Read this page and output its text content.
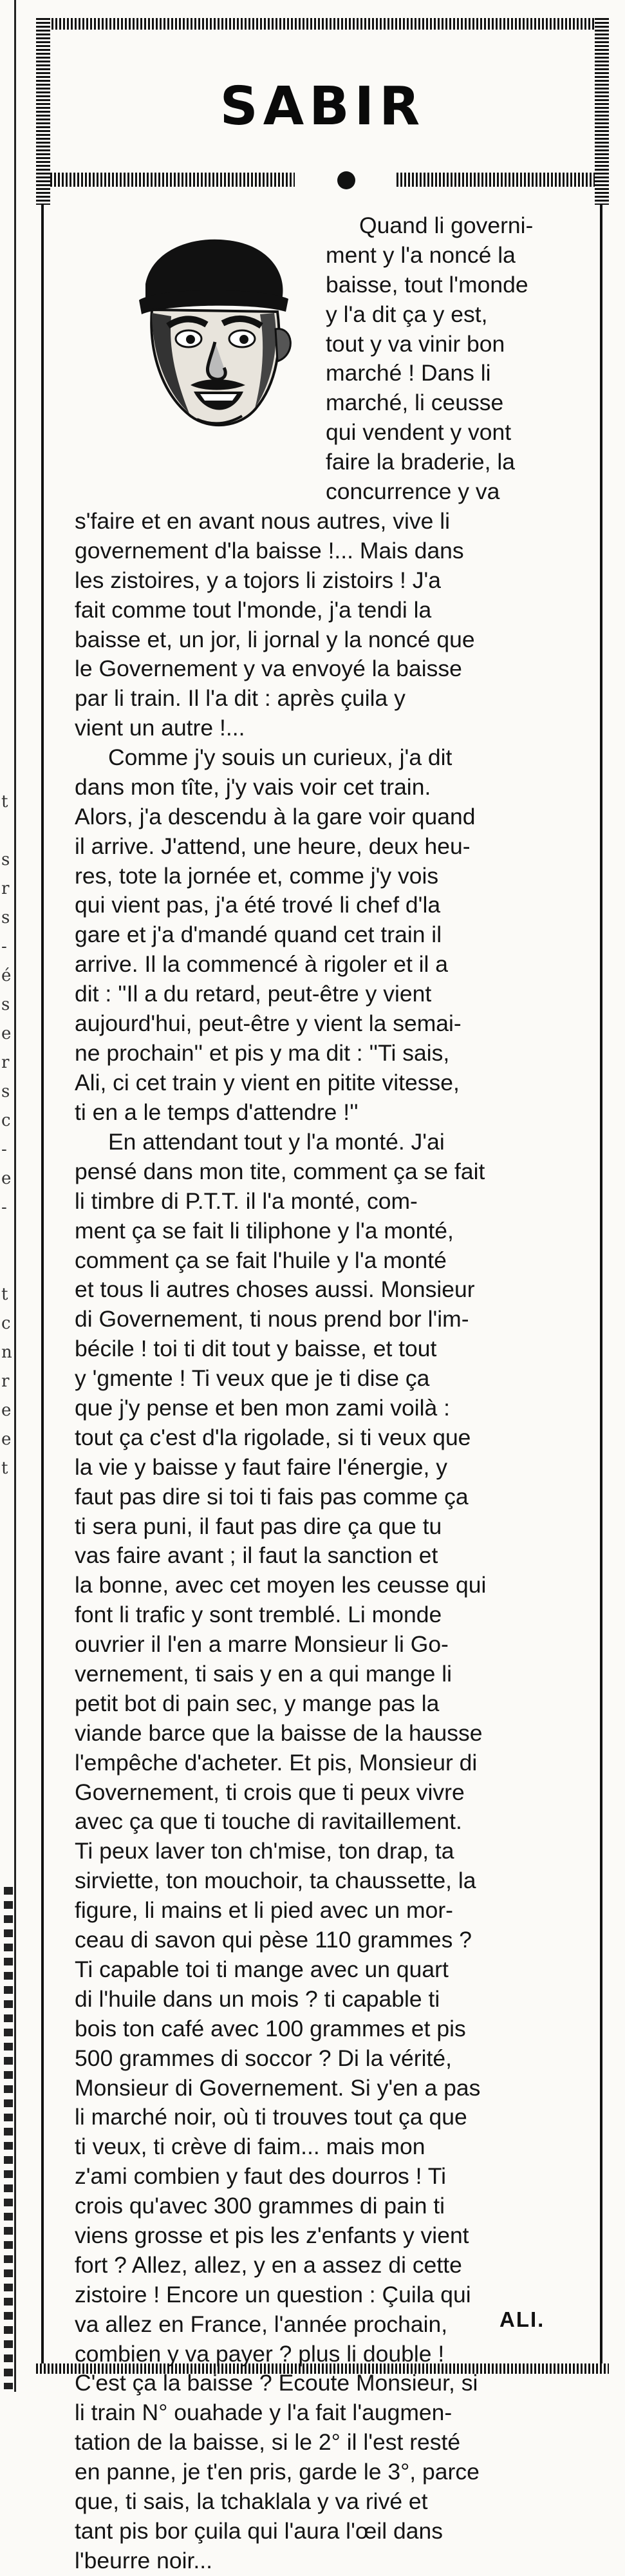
t
s
r
s
-
é
s
e
r
s
c
-
e
-
t
c
n
r
e
e
t
SABIR
Quand li governi-
ment y l'a noncé la
baisse, tout l'monde
y l'a dit ça y est,
tout y va vinir bon
marché ! Dans li
marché, li ceusse
qui vendent y vont
faire la braderie, la
concurrence y va
s'faire et en avant nous autres, vive li
governement d'la baisse !... Mais dans
les zistoires, y a tojors li zistoirs ! J'a
fait comme tout l'monde, j'a tendi la
baisse et, un jor, li jornal y la noncé que
le Governement y va envoyé la baisse
par li train. Il l'a dit : après çuila y
vient un autre !...
Comme j'y souis un curieux, j'a dit
dans mon tîte, j'y vais voir cet train.
Alors, j'a descendu à la gare voir quand
il arrive. J'attend, une heure, deux heu-
res, tote la jornée et, comme j'y vois
qui vient pas, j'a été trové li chef d'la
gare et j'a d'mandé quand cet train il
arrive. Il la commencé à rigoler et il a
dit : ''Il a du retard, peut-être y vient
aujourd'hui, peut-être y vient la semai-
ne prochain'' et pis y ma dit : ''Ti sais,
Ali, ci cet train y vient en pitite vitesse,
ti en a le temps d'attendre !''
En attendant tout y l'a monté. J'ai
pensé dans mon tite, comment ça se fait
li timbre di P.T.T. il l'a monté, com-
ment ça se fait li tiliphone y l'a monté,
comment ça se fait l'huile y l'a monté
et tous li autres choses aussi. Monsieur
di Governement, ti nous prend bor l'im-
bécile ! toi ti dit tout y baisse, et tout
y 'gmente ! Ti veux que je ti dise ça
que j'y pense et ben mon zami voilà :
tout ça c'est d'la rigolade, si ti veux que
la vie y baisse y faut faire l'énergie, y
faut pas dire si toi ti fais pas comme ça
ti sera puni, il faut pas dire ça que tu
vas faire avant ; il faut la sanction et
la bonne, avec cet moyen les ceusse qui
font li trafic y sont tremblé. Li monde
ouvrier il l'en a marre Monsieur li Go-
vernement, ti sais y en a qui mange li
petit bot di pain sec, y mange pas la
viande barce que la baisse de la hausse
l'empêche d'acheter. Et pis, Monsieur di
Governement, ti crois que ti peux vivre
avec ça que ti touche di ravitaillement.
Ti peux laver ton ch'mise, ton drap, ta
sirviette, ton mouchoir, ta chaussette, la
figure, li mains et li pied avec un mor-
ceau di savon qui pèse 110 grammes ?
Ti capable toi ti mange avec un quart
di l'huile dans un mois ? ti capable ti
bois ton café avec 100 grammes et pis
500 grammes di soccor ? Di la vérité,
Monsieur di Governement. Si y'en a pas
li marché noir, où ti trouves tout ça que
ti veux, ti crève di faim... mais mon
z'ami combien y faut des dourros ! Ti
crois qu'avec 300 grammes di pain ti
viens grosse et pis les z'enfants y vient
fort ? Allez, allez, y en a assez di cette
zistoire ! Encore un question : Çuila qui
va allez en France, l'année prochain,
combien y va payer ? plus li double !
C'est ça la baisse ? Ecoute Monsieur, si
li train N° ouahade y l'a fait l'augmen-
tation de la baisse, si le 2° il l'est resté
en panne, je t'en pris, garde le 3°, parce
que, ti sais, la tchaklala y va rivé et
tant pis bor çuila qui l'aura l'œil dans
l'beurre noir...
ALI.
